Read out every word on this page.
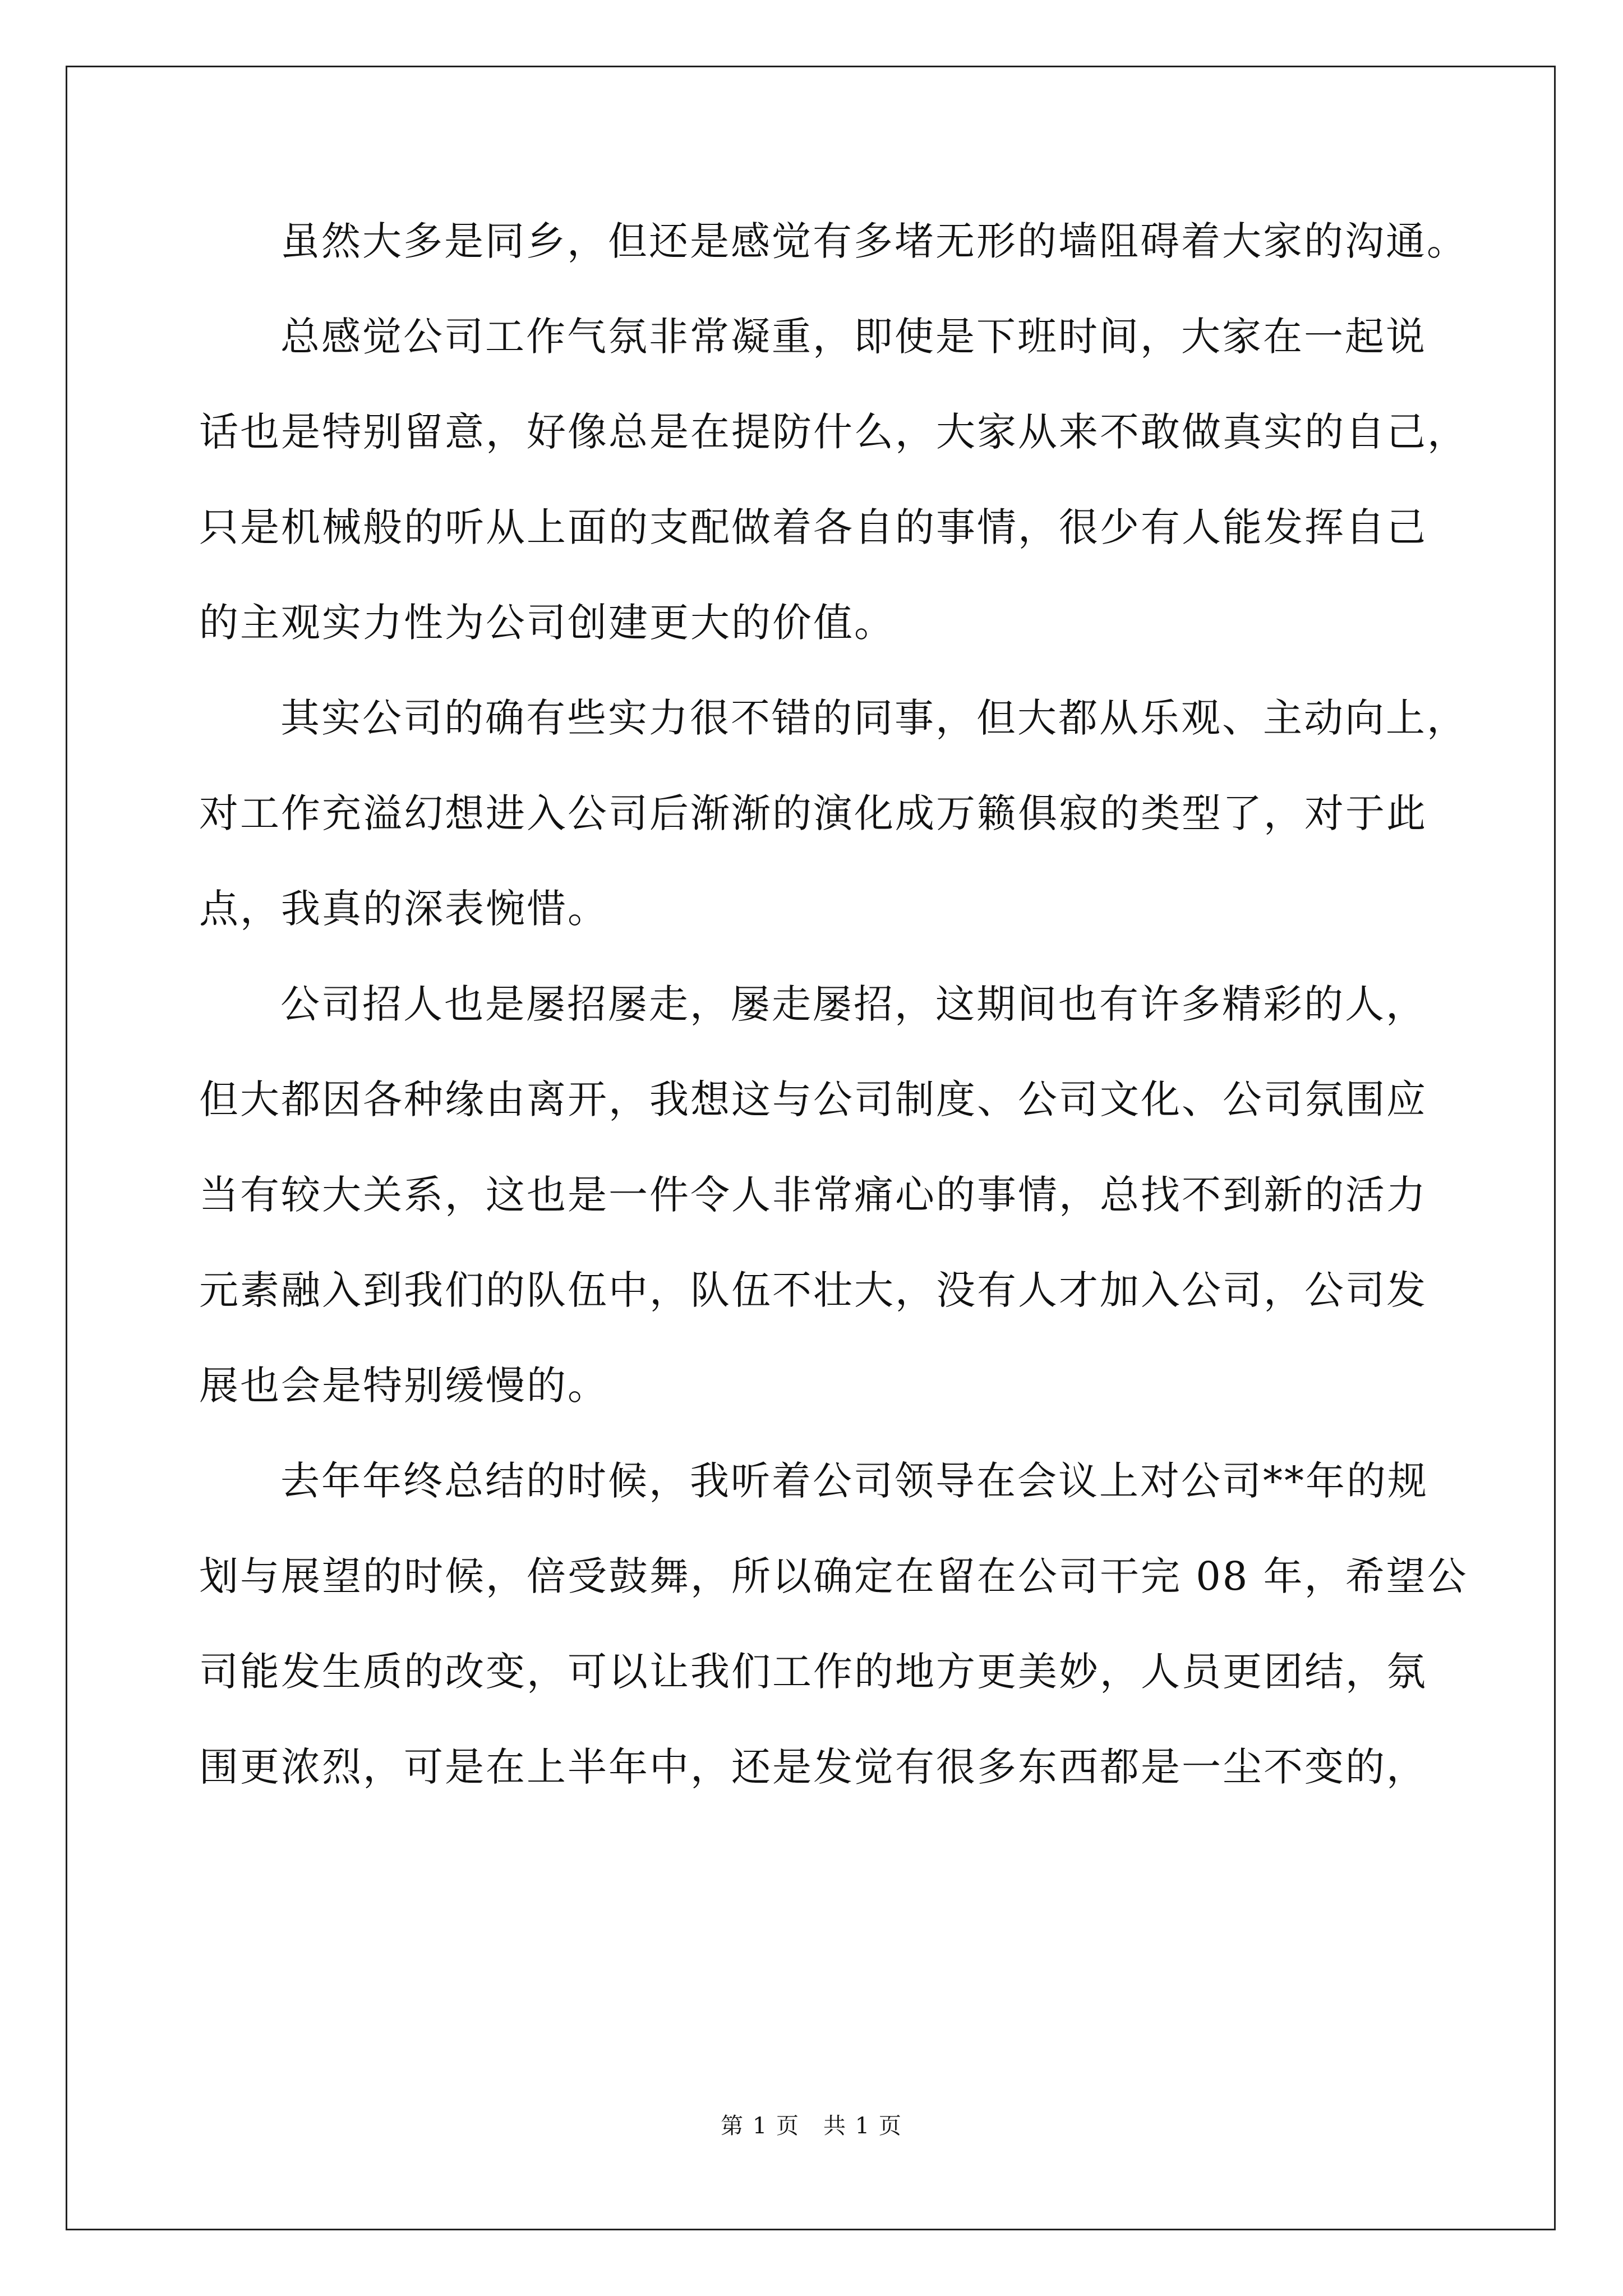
虽然大多是同乡，但还是感觉有多堵无形的墙阻碍着大家的沟通。
总感觉公司工作气氛非常凝重，即使是下班时间，大家在一起说
话也是特别留意，好像总是在提防什么，大家从来不敢做真实的自己，
只是机械般的听从上面的支配做着各自的事情，很少有人能发挥自己
的主观实力性为公司创建更大的价值。
其实公司的确有些实力很不错的同事，但大都从乐观、主动向上，
对工作充溢幻想进入公司后渐渐的演化成万籁俱寂的类型了，对于此
点，我真的深表惋惜。
公司招人也是屡招屡走，屡走屡招，这期间也有许多精彩的人，
但大都因各种缘由离开，我想这与公司制度、公司文化、公司氛围应
当有较大关系，这也是一件令人非常痛心的事情，总找不到新的活力
元素融入到我们的队伍中，队伍不壮大，没有人才加入公司，公司发
展也会是特别缓慢的。
去年年终总结的时候，我听着公司领导在会议上对公司**年的规
划与展望的时候，倍受鼓舞，所以确定在留在公司干完 08 年，希望公
司能发生质的改变，可以让我们工作的地方更美妙，人员更团结，氛
围更浓烈，可是在上半年中，还是发觉有很多东西都是一尘不变的，
第 1 页　共 1 页
